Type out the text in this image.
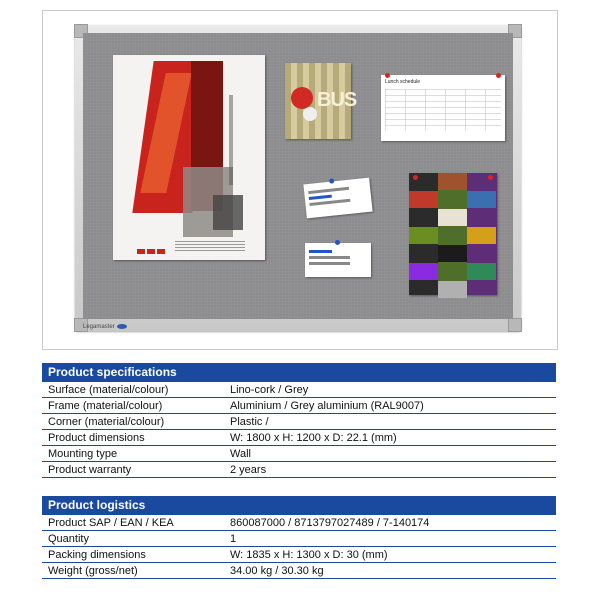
BUS
Lunch schedule
Legamaster
Product specifications
Surface (material/colour)	Lino-cork / Grey
Frame (material/colour)	Aluminium / Grey aluminium (RAL9007)
Corner (material/colour)	Plastic /
Product dimensions	W: 1800 x H: 1200 x D: 22.1 (mm)
Mounting type	Wall
Product warranty	2 years
Product logistics
Product SAP / EAN / KEA	860087000 / 8713797027489 / 7-140174
Quantity	1
Packing dimensions	W: 1835 x H: 1300 x D: 30 (mm)
Weight (gross/net)	34.00 kg / 30.30 kg
